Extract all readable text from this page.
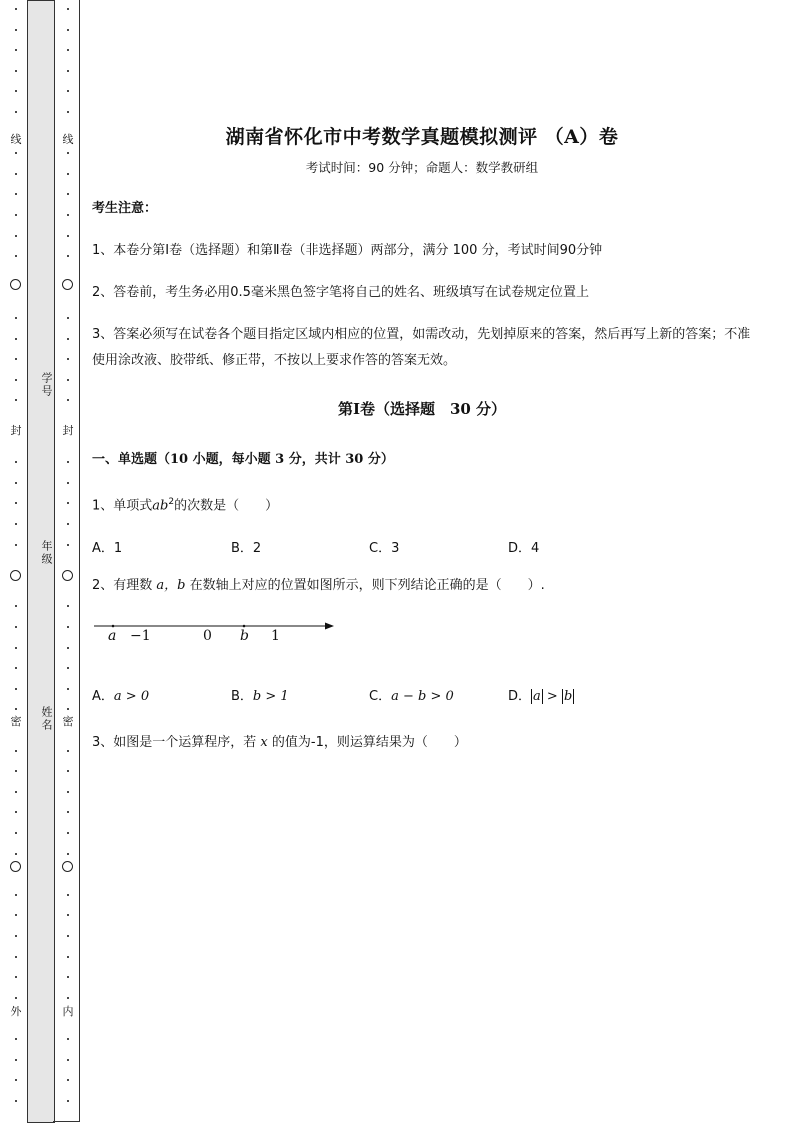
线
封
密
外
线
封
密
内
学号
年级
姓名
湖南省怀化市中考数学真题模拟测评 （A）卷
考试时间：90 分钟；命题人：数学教研组
考生注意：
1、本卷分第Ⅰ卷（选择题）和第Ⅱ卷（非选择题）两部分，满分 100 分，考试时间90分钟
2、答卷前，考生务必用0.5毫米黑色签字笔将自己的姓名、班级填写在试卷规定位置上
3、答案必须写在试卷各个题目指定区域内相应的位置，如需改动，先划掉原来的答案，然后再写上新的答案；不准使用涂改液、胶带纸、修正带，不按以上要求作答的答案无效。
第Ⅰ卷（选择题　30 分）
一、单选题（10 小题，每小题 3 分，共计 30 分）
1、单项式$ab^2$的次数是（　　）
A．1	B．2	C．3	D．4
2、有理数 a，b 在数轴上对应的位置如图所示，则下列结论正确的是（　　）.
a −1	0 b 1
A．a > 0	B．b > 1	C．a − b > 0	D． a > b
3、如图是一个运算程序，若 x 的值为-1，则运算结果为（　　）
